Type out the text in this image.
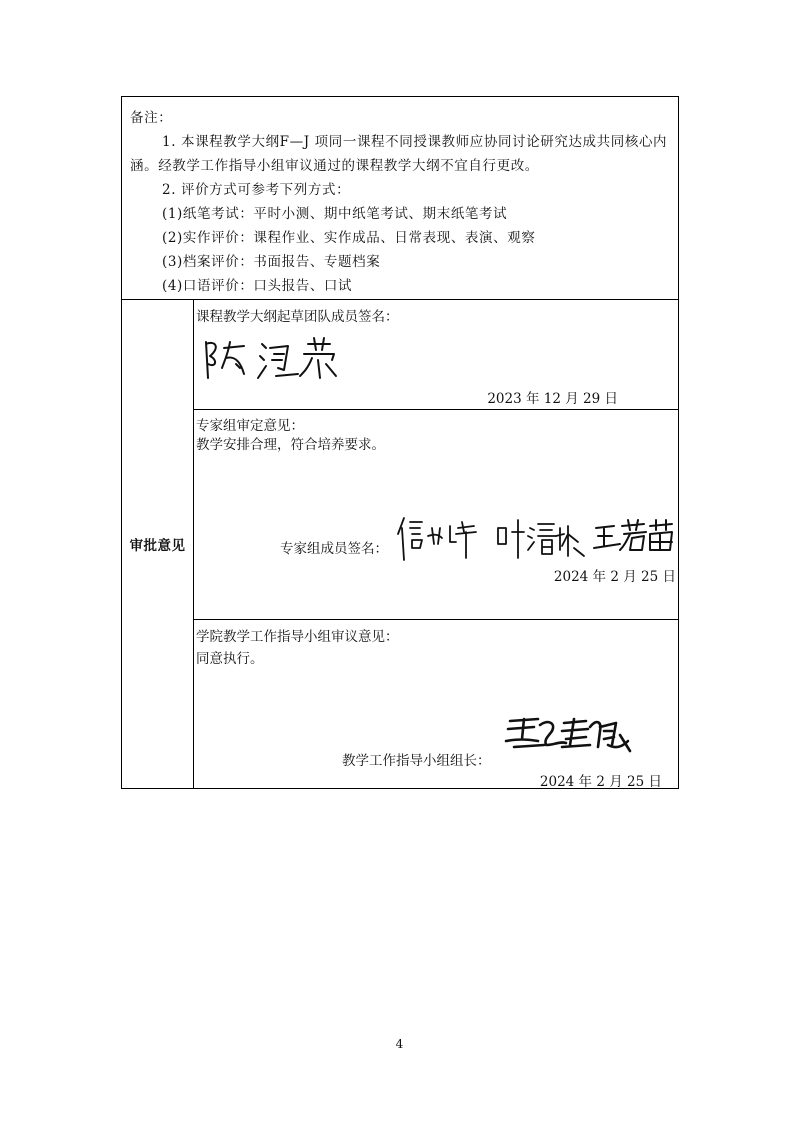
备注：
1. 本课程教学大纲F—J 项同一课程不同授课教师应协同讨论研究达成共同核心内
涵。经教学工作指导小组审议通过的课程教学大纲不宜自行更改。
2. 评价方式可参考下列方式：
(1)纸笔考试：平时小测、期中纸笔考试、期末纸笔考试
(2)实作评价：课程作业、实作成品、日常表现、表演、观察
(3)档案评价：书面报告、专题档案
(4)口语评价：口头报告、口试
审批意见
课程教学大纲起草团队成员签名：
2023 年 12 月 29 日
专家组审定意见：
教学安排合理，符合培养要求。
专家组成员签名：
2024 年 2 月 25 日
学院教学工作指导小组审议意见：
同意执行。
教学工作指导小组组长：
2024 年 2 月 25 日
4
